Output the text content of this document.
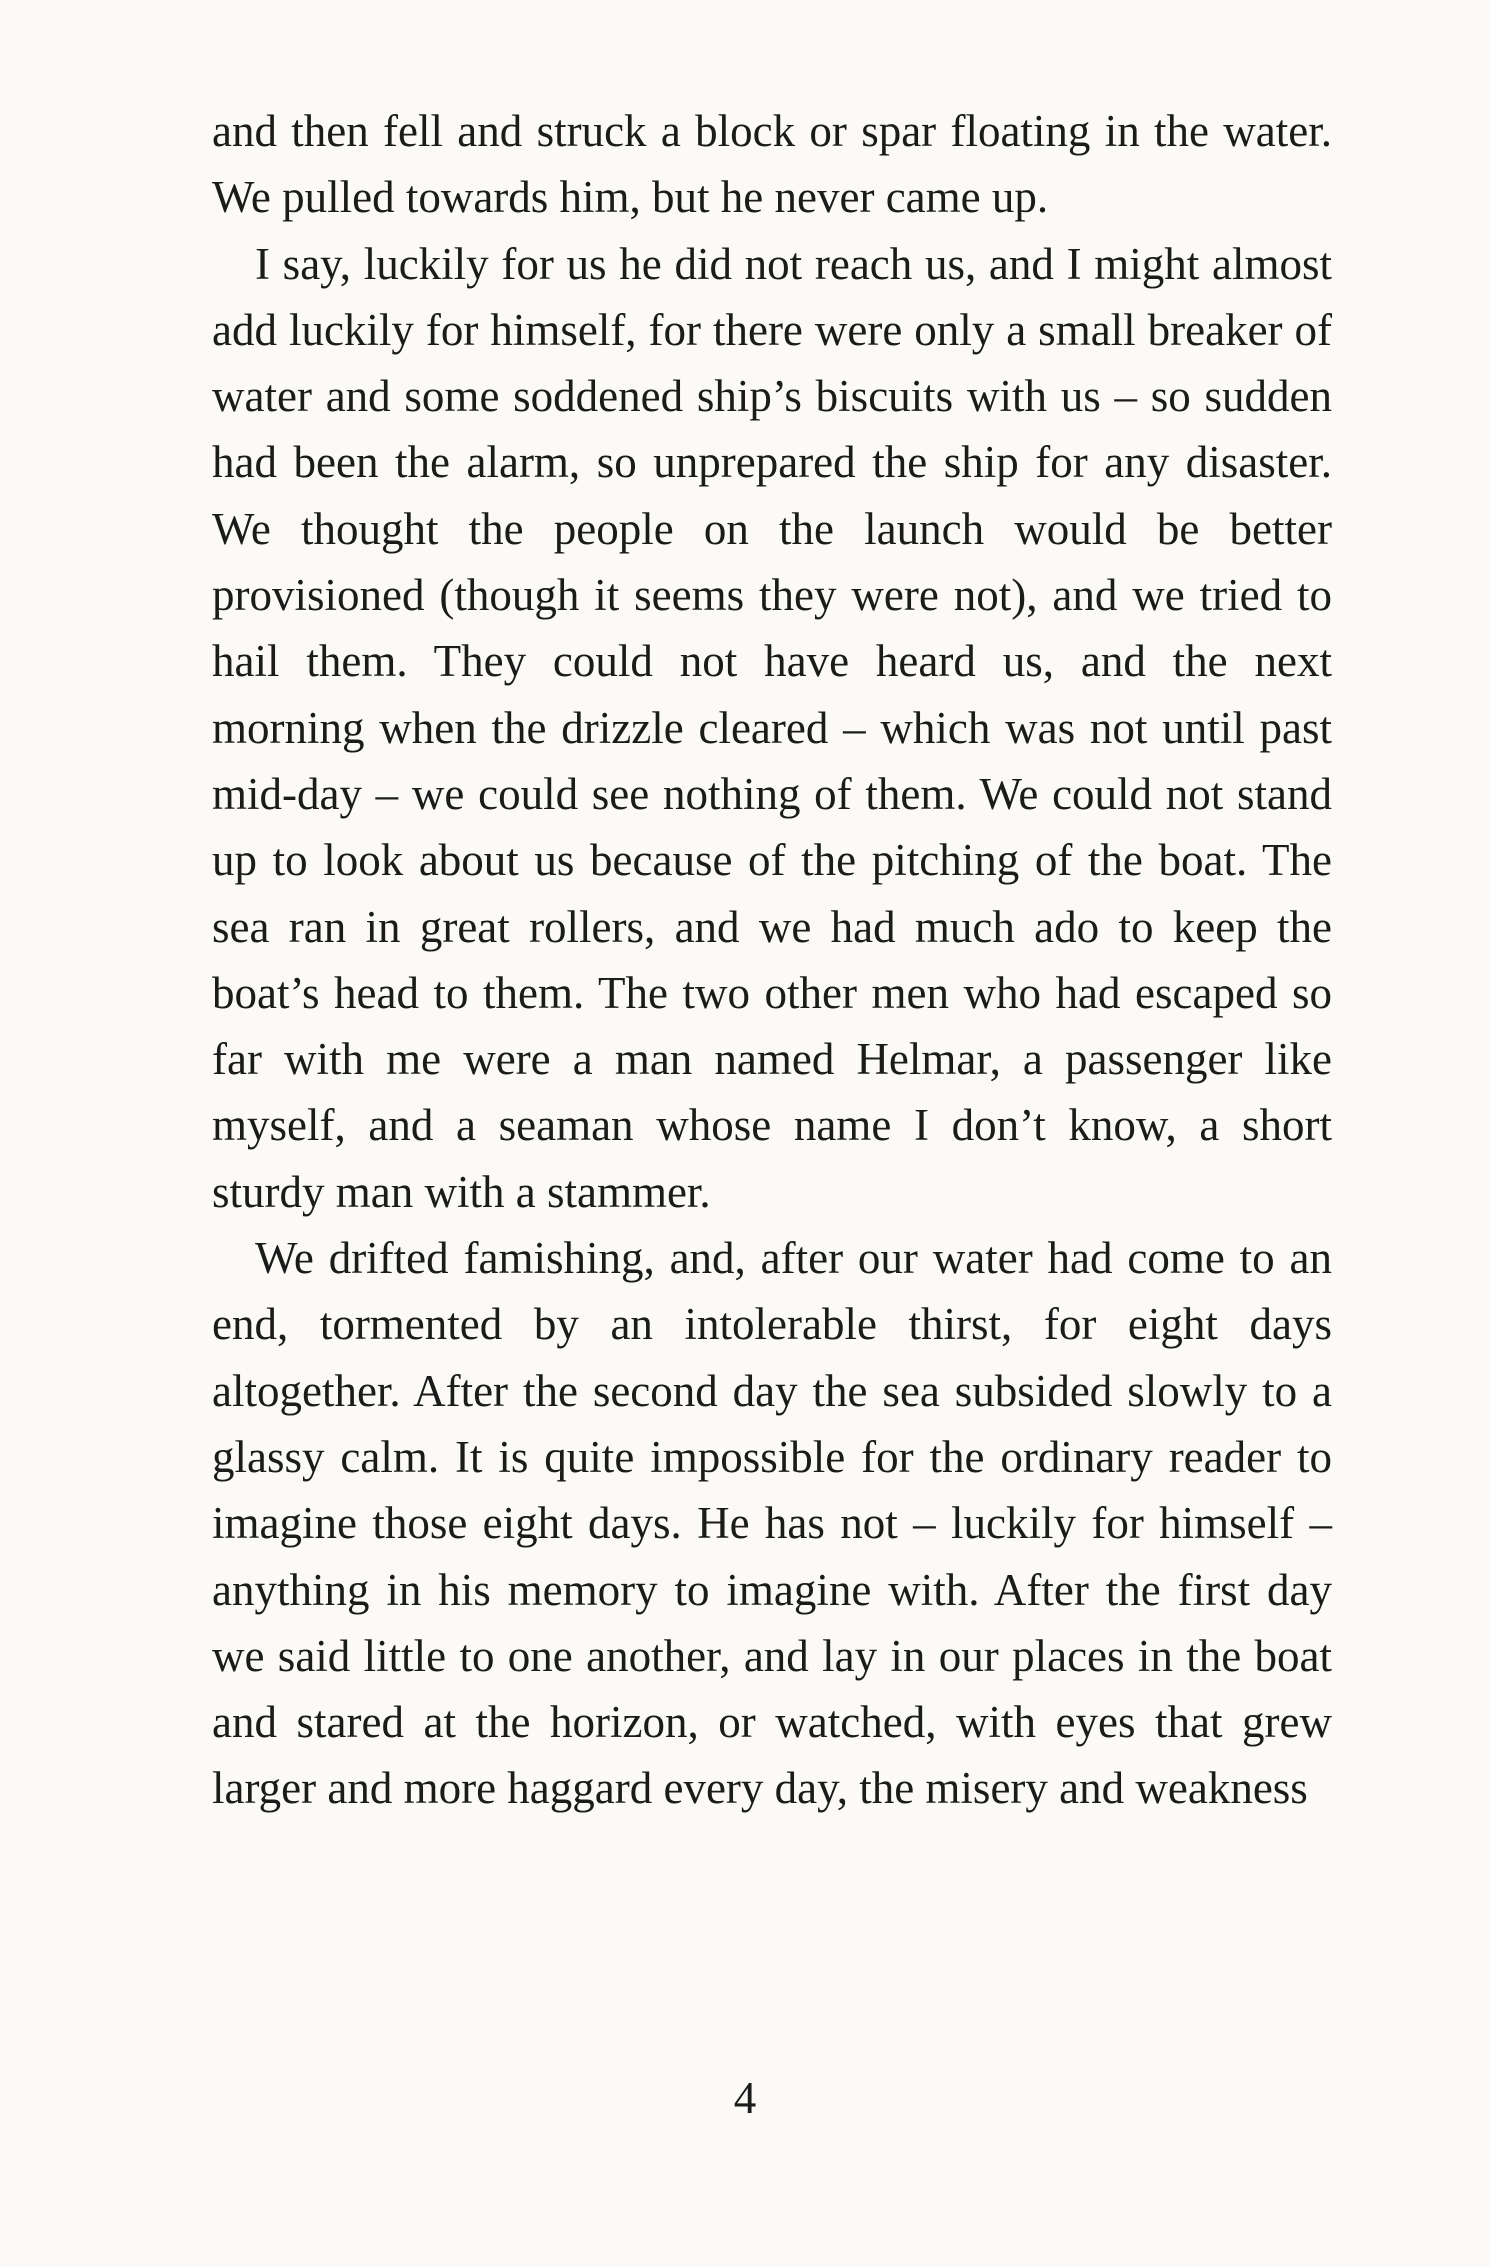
and then fell and struck a block or spar floating in the water. We pulled towards him, but he never came up.

I say, luckily for us he did not reach us, and I might almost add luckily for himself, for there were only a small breaker of water and some soddened ship’s biscuits with us – so sudden had been the alarm, so unprepared the ship for any disaster. We thought the people on the launch would be better provisioned (though it seems they were not), and we tried to hail them. They could not have heard us, and the next morning when the drizzle cleared – which was not until past mid-day – we could see nothing of them. We could not stand up to look about us because of the pitching of the boat. The sea ran in great rollers, and we had much ado to keep the boat’s head to them. The two other men who had escaped so far with me were a man named Helmar, a passenger like myself, and a seaman whose name I don’t know, a short sturdy man with a stammer.

We drifted famishing, and, after our water had come to an end, tormented by an intolerable thirst, for eight days altogether. After the second day the sea subsided slowly to a glassy calm. It is quite impossible for the ordinary reader to imagine those eight days. He has not – luckily for himself – anything in his memory to imagine with. After the first day we said little to one another, and lay in our places in the boat and stared at the horizon, or watched, with eyes that grew larger and more haggard every day, the misery and weakness

4
